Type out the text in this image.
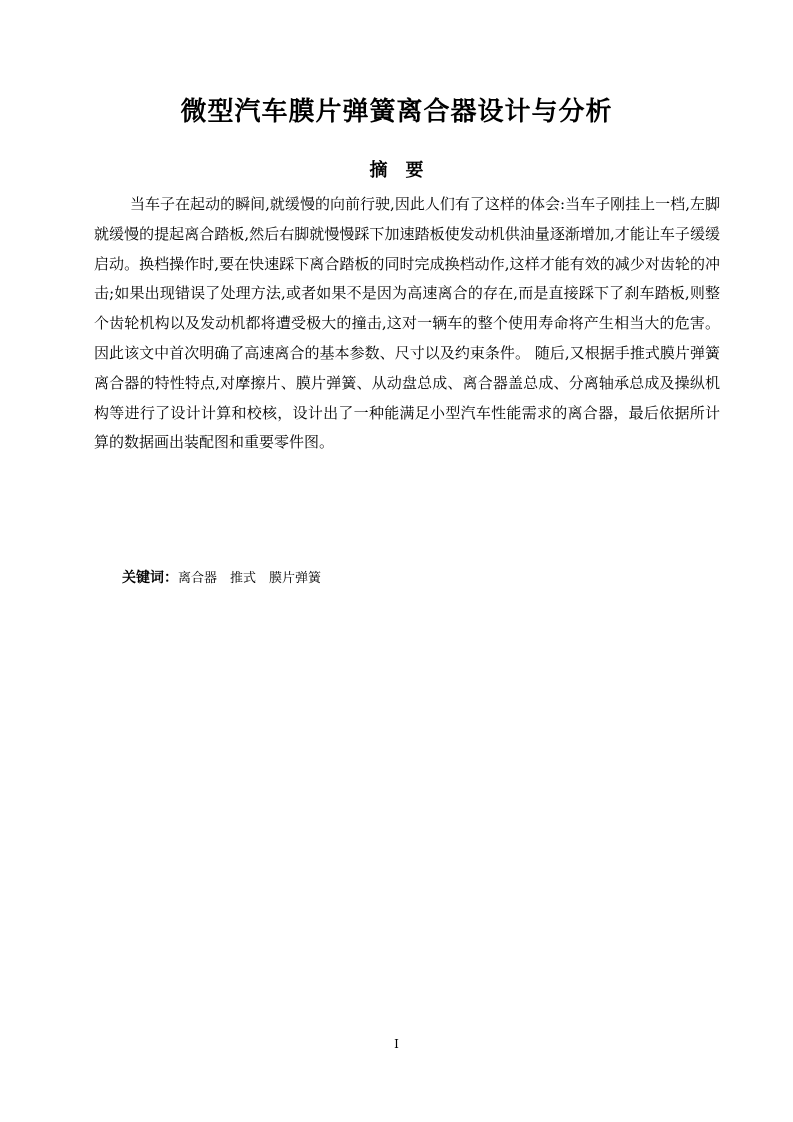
微型汽车膜片弹簧离合器设计与分析
摘要

当车子在起动的瞬间,就缓慢的向前行驶,因此人们有了这样的体会:当车子刚挂上一档,左脚就缓慢的提起离合踏板,然后右脚就慢慢踩下加速踏板使发动机供油量逐渐增加,才能让车子缓缓启动。换档操作时,要在快速踩下离合踏板的同时完成换档动作,这样才能有效的减少对齿轮的冲击;如果出现错误了处理方法,或者如果不是因为高速离合的存在,而是直接踩下了刹车踏板,则整个齿轮机构以及发动机都将遭受极大的撞击,这对一辆车的整个使用寿命将产生相当大的危害。因此该文中首次明确了高速离合的基本参数、尺寸以及约束条件。 随后,又根据手推式膜片弹簧离合器的特性特点,对摩擦片、膜片弹簧、从动盘总成、离合器盖总成、分离轴承总成及操纵机构等进行了设计计算和校核，设计出了一种能满足小型汽车性能需求的离合器，最后依据所计算的数据画出装配图和重要零件图。

关键词：离合器　推式　膜片弹簧

I
